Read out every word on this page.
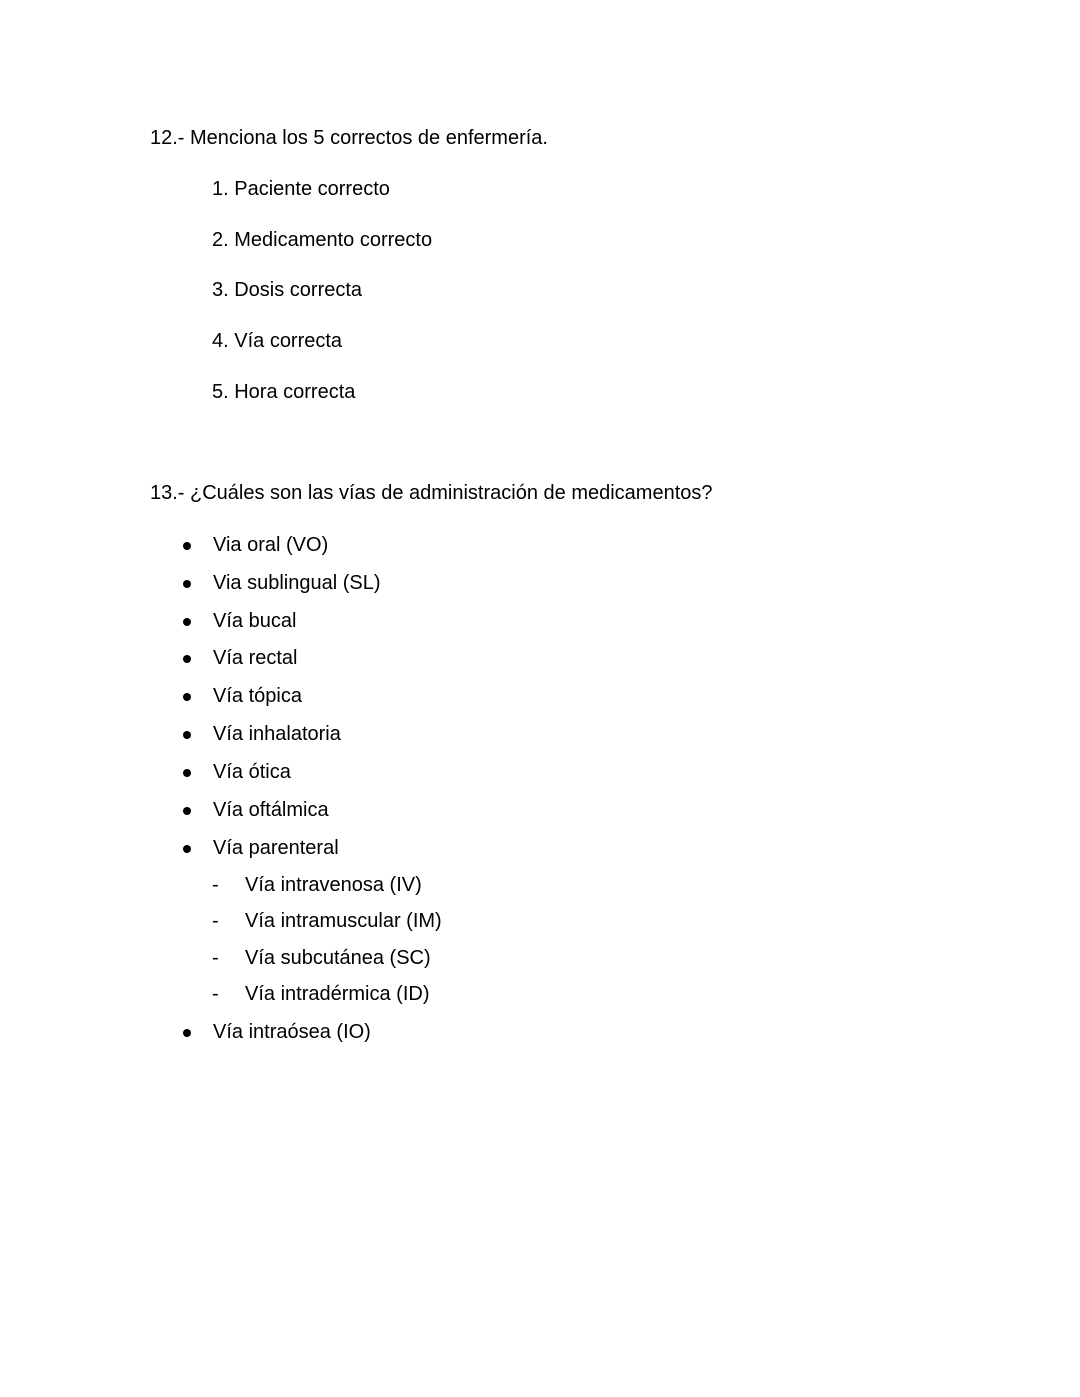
12.- Menciona los 5 correctos de enfermería.
1. Paciente correcto
2. Medicamento correcto
3. Dosis correcta
4. Vía correcta
5. Hora correcta
13.- ¿Cuáles son las vías de administración de medicamentos?
Via oral (VO)
Via sublingual (SL)
Vía bucal
Vía rectal
Vía tópica
Vía inhalatoria
Vía ótica
Vía oftálmica
Vía parenteral
- Vía intravenosa (IV)
- Vía intramuscular (IM)
- Vía subcutánea (SC)
- Vía intradérmica (ID)
Vía intraósea (IO)
